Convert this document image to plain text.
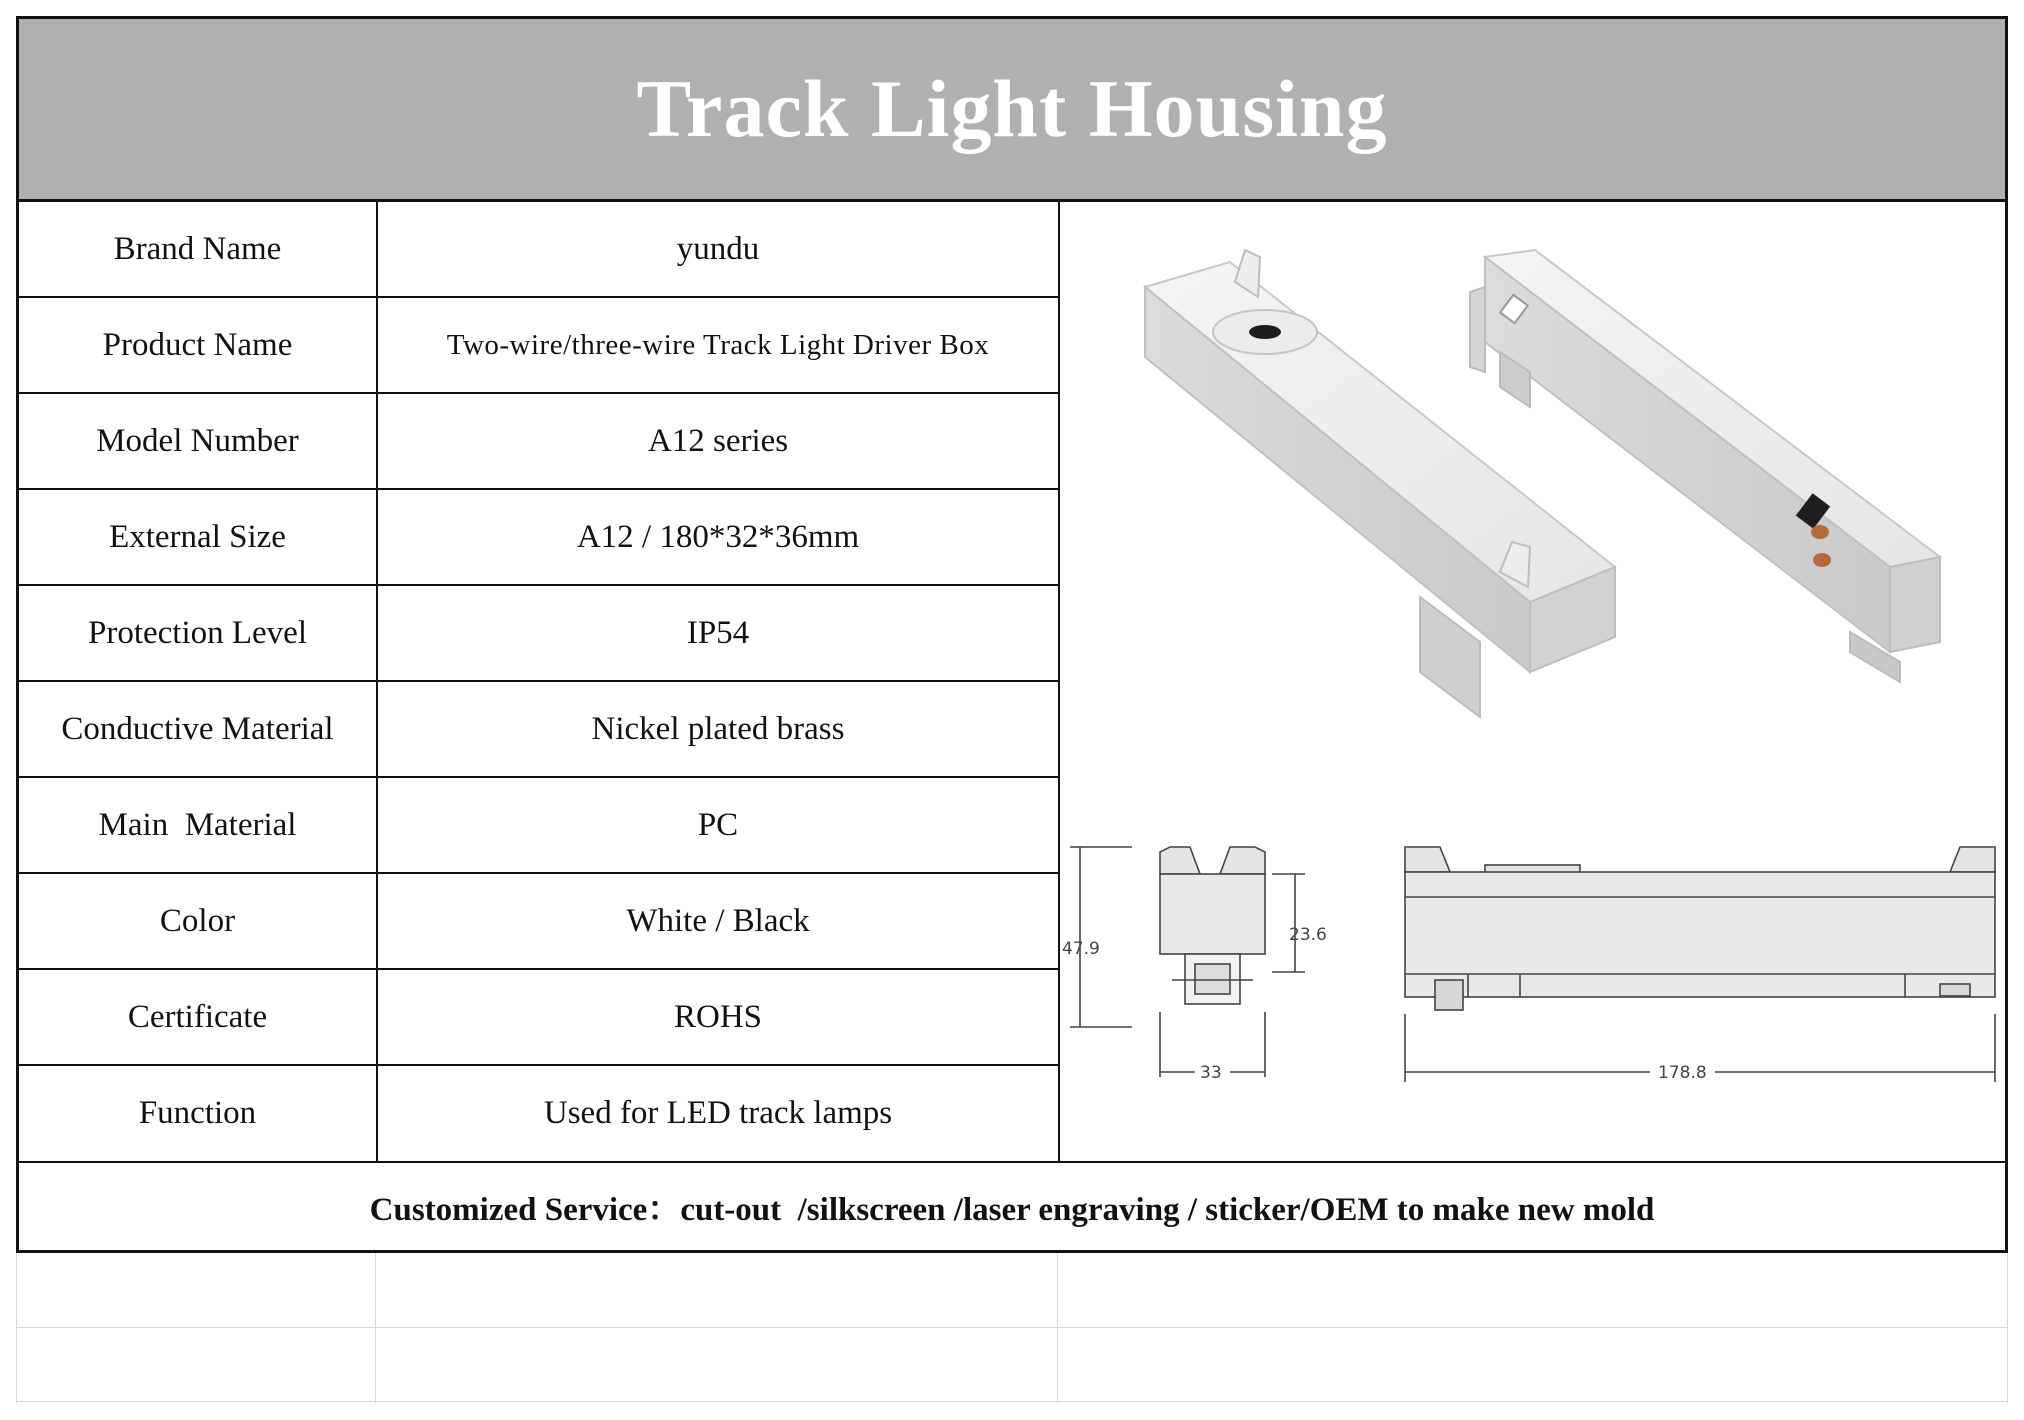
Track Light Housing
Brand Name	yundu
Product Name	Two-wire/three-wire Track Light Driver Box
Model Number	A12 series
External Size	A12 / 180*32*36mm
Protection Level	IP54
Conductive Material	Nickel plated brass
Main  Material	PC
Color	White / Black
Certificate	ROHS
Function	Used for LED track lamps
47.9
23.6
33	178.8
Customized Service：cut-out  /silkscreen /laser engraving / sticker/OEM to make new mold
